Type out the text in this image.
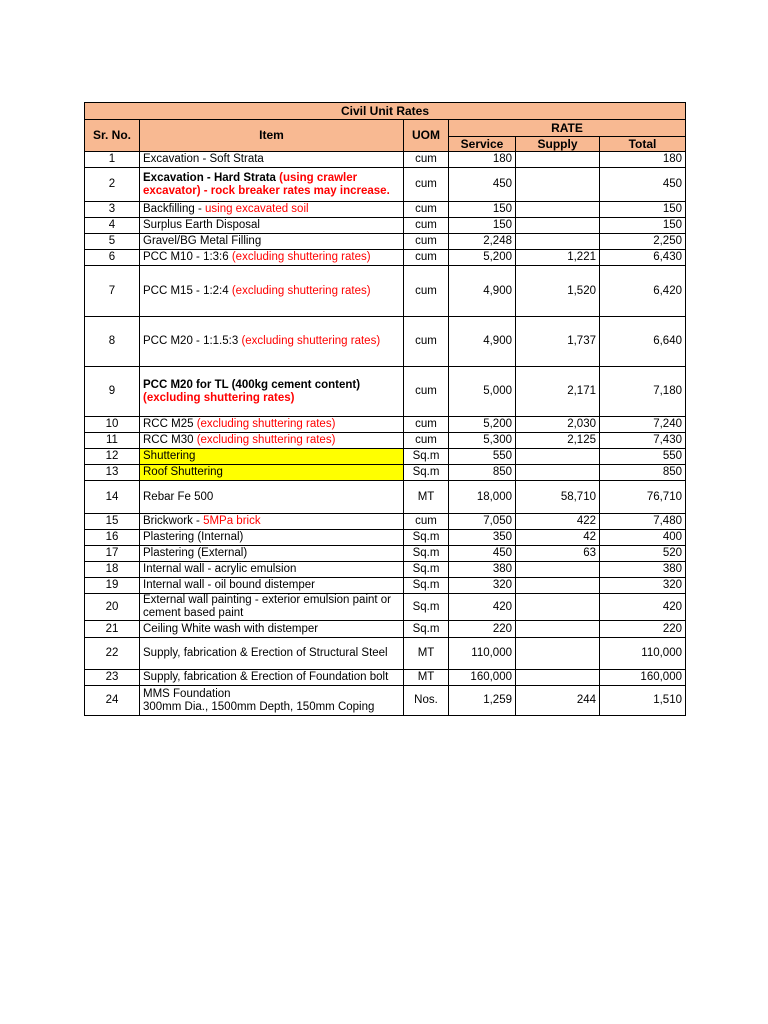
Civil Unit Rates					
Sr. No.	Item	UOM	RATE		
			Service	Supply	Total
1	Excavation - Soft Strata	cum	180		180
2	Excavation - Hard Strata (using crawler excavator) - rock breaker rates may increase.	cum	450		450
3	Backfilling - using excavated soil	cum	150		150
4	Surplus Earth Disposal	cum	150		150
5	Gravel/BG Metal Filling	cum	2,248		2,250
6	PCC M10 - 1:3:6 (excluding shuttering rates)	cum	5,200	1,221	6,430
7	PCC M15 - 1:2:4 (excluding shuttering rates)	cum	4,900	1,520	6,420
8	PCC M20 - 1:1.5:3 (excluding shuttering rates)	cum	4,900	1,737	6,640
9	PCC M20 for TL (400kg cement content)
(excluding shuttering rates)	cum	5,000	2,171	7,180
10	RCC M25 (excluding shuttering rates)	cum	5,200	2,030	7,240
11	RCC M30 (excluding shuttering rates)	cum	5,300	2,125	7,430
12	Shuttering	Sq.m	550		550
13	Roof Shuttering	Sq.m	850		850
14	Rebar Fe 500	MT	18,000	58,710	76,710
15	Brickwork - 5MPa brick	cum	7,050	422	7,480
16	Plastering (Internal)	Sq.m	350	42	400
17	Plastering (External)	Sq.m	450	63	520
18	Internal wall - acrylic emulsion	Sq.m	380		380
19	Internal wall - oil bound distemper	Sq.m	320		320
20	External wall painting - exterior emulsion paint or cement based paint	Sq.m	420		420
21	Ceiling White wash with distemper	Sq.m	220		220
22	Supply, fabrication & Erection of Structural Steel	MT	110,000		110,000
23	Supply, fabrication & Erection of Foundation bolt	MT	160,000		160,000
24	MMS Foundation
300mm Dia., 1500mm Depth, 150mm Coping	Nos.	1,259	244	1,510
